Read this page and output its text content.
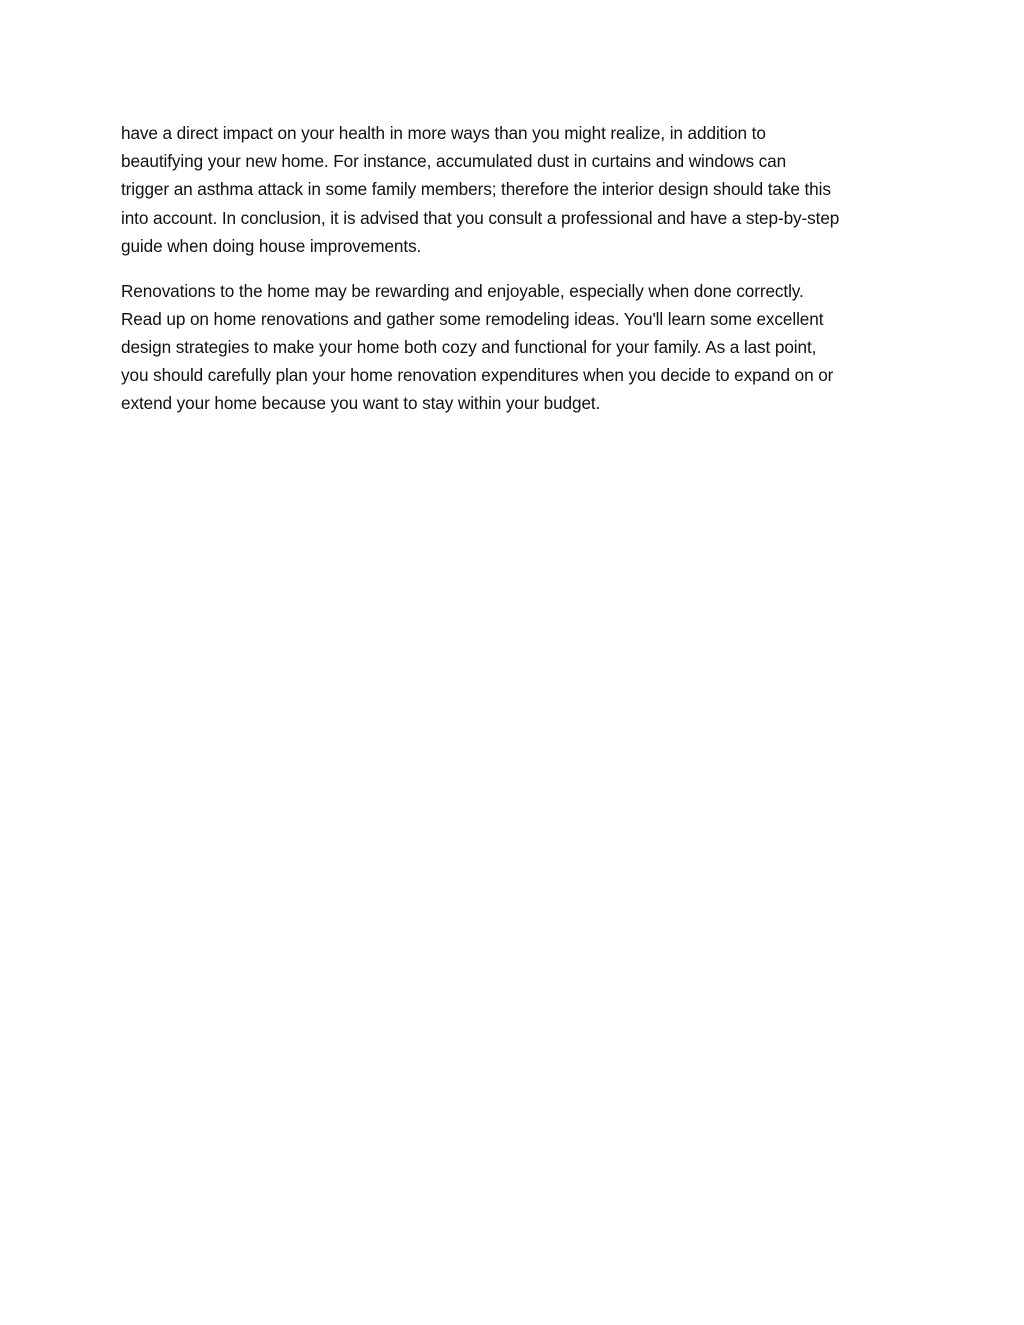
have a direct impact on your health in more ways than you might realize, in addition to
beautifying your new home. For instance, accumulated dust in curtains and windows can
trigger an asthma attack in some family members; therefore the interior design should take this
into account. In conclusion, it is advised that you consult a professional and have a step-by-step
guide when doing house improvements.

Renovations to the home may be rewarding and enjoyable, especially when done correctly.
Read up on home renovations and gather some remodeling ideas. You'll learn some excellent
design strategies to make your home both cozy and functional for your family. As a last point,
you should carefully plan your home renovation expenditures when you decide to expand on or
extend your home because you want to stay within your budget.
